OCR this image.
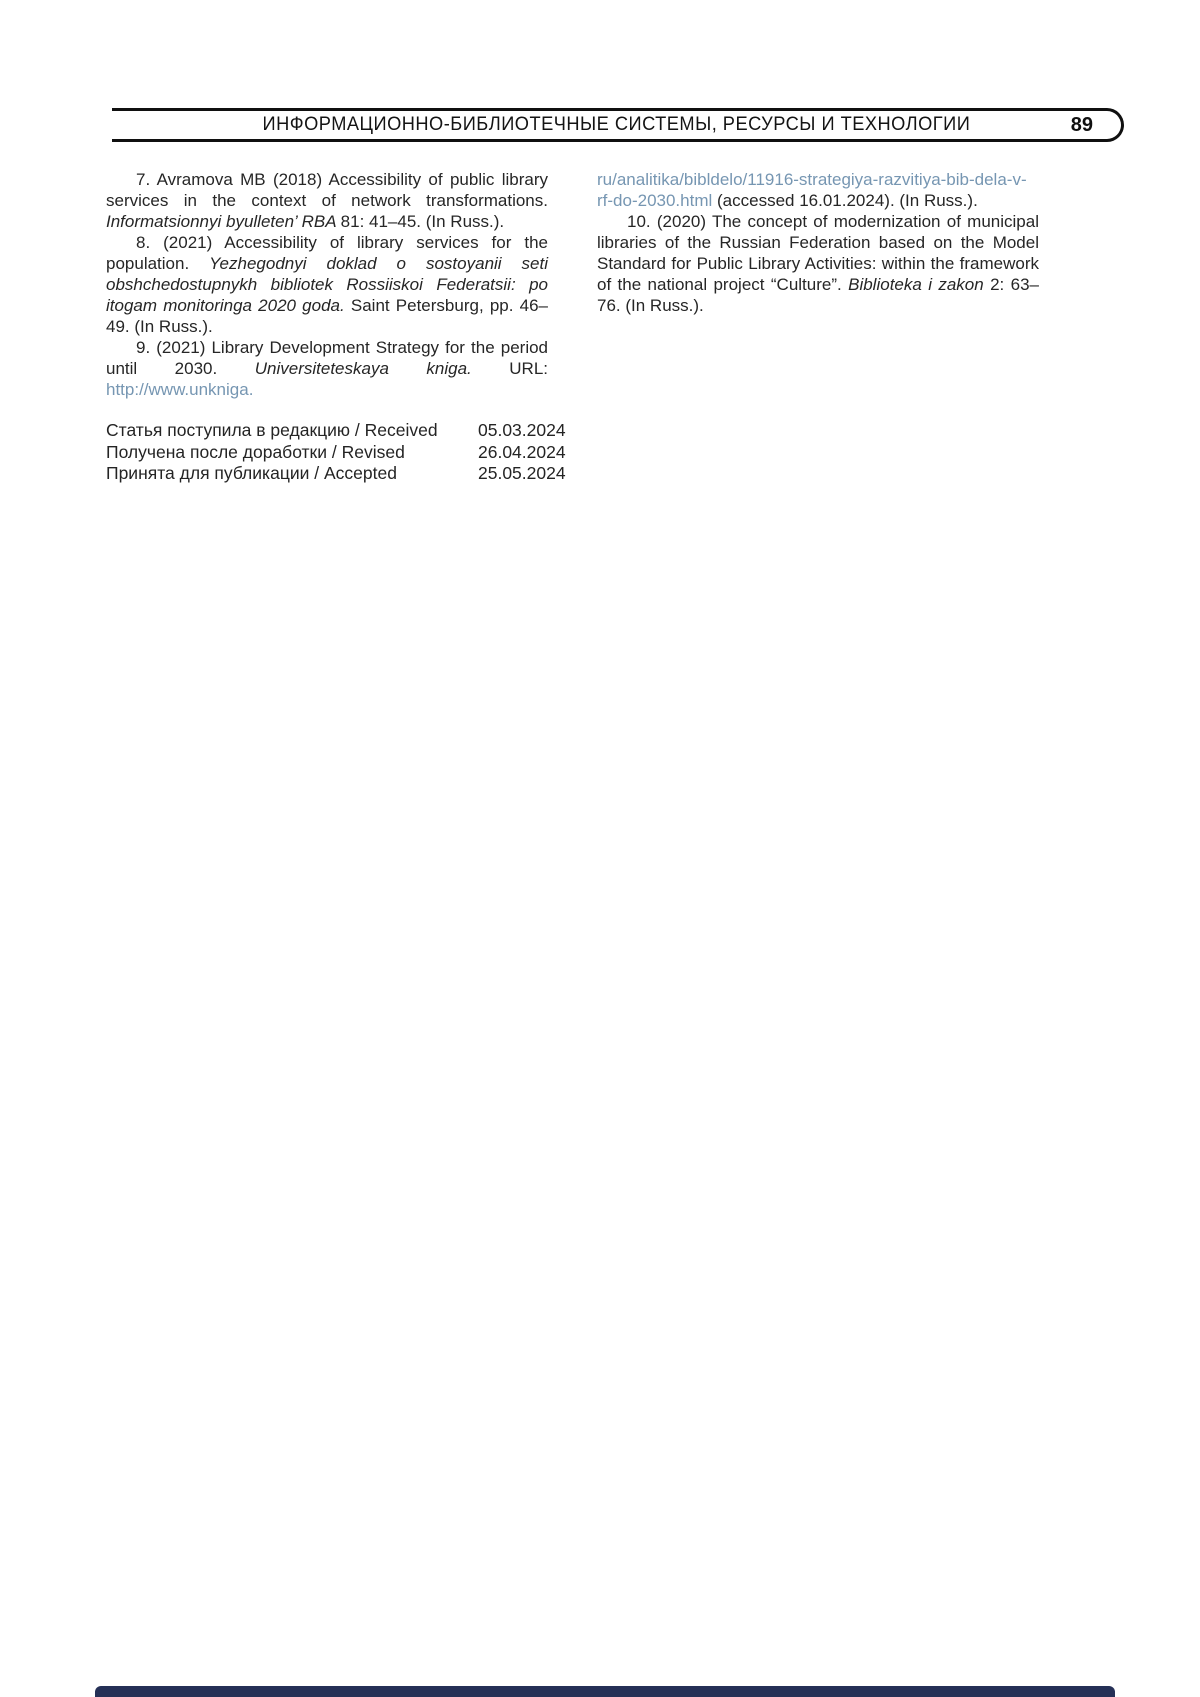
ИНФОРМАЦИОННО-БИБЛИОТЕЧНЫЕ СИСТЕМЫ, РЕСУРСЫ И ТЕХНОЛОГИИ	89

7. Avramova MB (2018) Accessibility of public library services in the context of network transformations. Informatsionnyi byulleten’ RBA 81: 41–45. (In Russ.).

8. (2021) Accessibility of library services for the population. Yezhegodnyi doklad o sostoyanii seti obshchedostupnykh bibliotek Rossiiskoi Federatsii: po itogam monitoringa 2020 goda. Saint Petersburg, pp. 46–49. (In Russ.).

9. (2021) Library Development Strategy for the period until 2030. Universiteteskaya kniga. URL: http://www.unkniga.

ru/analitika/bibldelo/11916-strategiya-razvitiya-bib-dela-v-rf-do-2030.html (accessed 16.01.2024). (In Russ.).

10. (2020) The concept of modernization of municipal libraries of the Russian Federation based on the Model Standard for Public Library Activities: within the framework of the national project “Culture”. Biblioteka i zakon 2: 63–76. (In Russ.).

Статья поступила в редакцию / Received	05.03.2024
Получена после доработки / Revised	26.04.2024
Принята для публикации / Accepted	25.05.2024
